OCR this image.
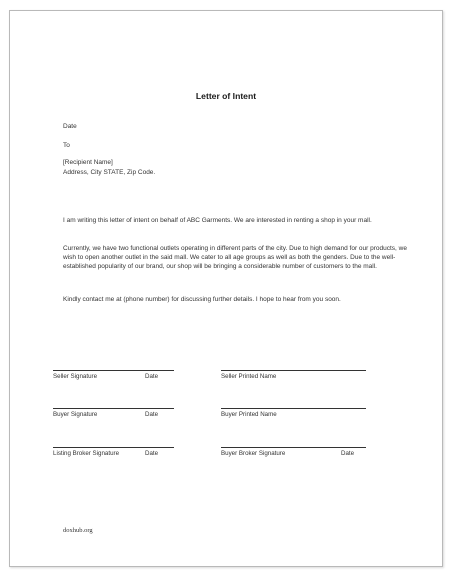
Letter of Intent
Date
To
[Recipient Name]
Address, City STATE, Zip Code.

I am writing this letter of intent on behalf of ABC Garments. We are interested in renting a shop in your mall.

Currently, we have two functional outlets operating in different parts of the city. Due to high demand for our products, we wish to open another outlet in the said mall. We cater to all age groups as well as both the genders. Due to the well-established popularity of our brand, our shop will be bringing a considerable number of customers to the mall.

Kindly contact me at (phone number) for discussing further details. I hope to hear from you soon.

Seller Signature	Date	Seller Printed Name
Buyer Signature	Date	Buyer Printed Name
Listing Broker Signature	Date	Buyer Broker Signature	Date
doxhub.org
